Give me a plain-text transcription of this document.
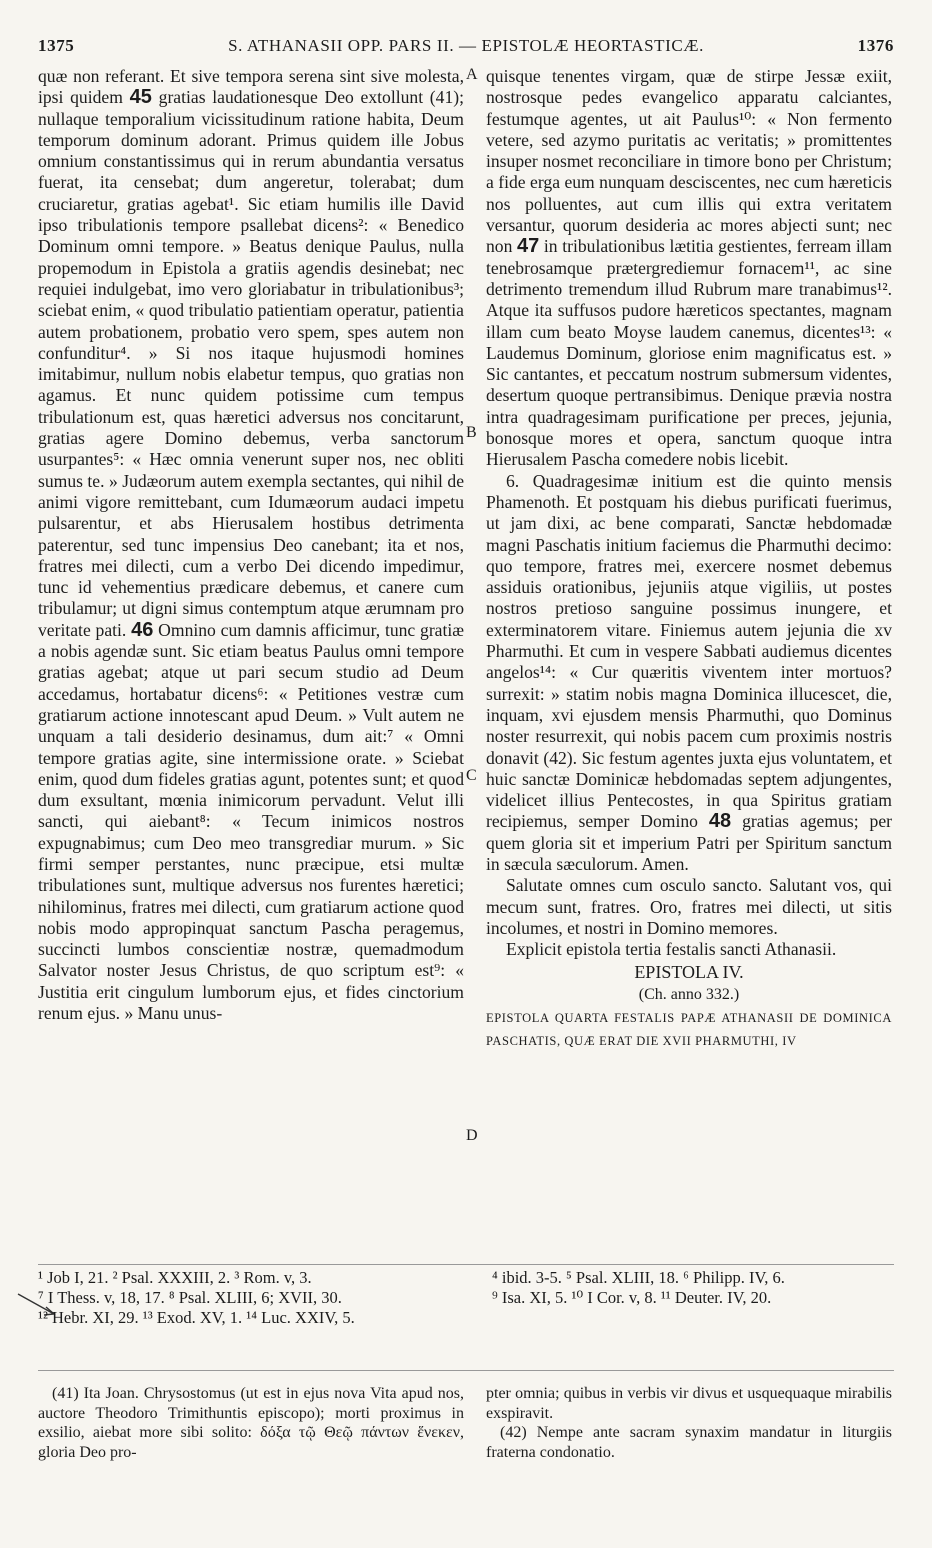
1375	S. ATHANASII OPP. PARS II. — EPISTOLÆ HEORTASTICÆ.	1376
A
B
C
D

quæ non referant. Et sive tempora serena sint sive molesta, ipsi quidem 45 gratias laudationesque Deo extollunt (41); nullaque temporalium vicissitudinum ratione habita, Deum temporum dominum adorant. Primus quidem ille Jobus omnium constantissimus qui in rerum abundantia versatus fuerat, ita censebat; dum angeretur, tolerabat; dum cruciaretur, gratias agebat¹. Sic etiam humilis ille David ipso tribulationis tempore psallebat dicens²: « Benedico Dominum omni tempore. » Beatus denique Paulus, nulla propemodum in Epistola a gratiis agendis desinebat; nec requiei indulgebat, imo vero gloriabatur in tribulationibus³; sciebat enim, « quod tribulatio patientiam operatur, patientia autem probationem, probatio vero spem, spes autem non confunditur⁴. » Si nos itaque hujusmodi homines imitabimur, nullum nobis elabetur tempus, quo gratias non agamus. Et nunc quidem potissime cum tempus tribulationum est, quas hæretici adversus nos concitarunt, gratias agere Domino debemus, verba sanctorum usurpantes⁵: « Hæc omnia venerunt super nos, nec obliti sumus te. » Judæorum autem exempla sectantes, qui nihil de animi vigore remittebant, cum Idumæorum audaci impetu pulsarentur, et abs Hierusalem hostibus detrimenta paterentur, sed tunc impensius Deo canebant; ita et nos, fratres mei dilecti, cum a verbo Dei dicendo impedimur, tunc id vehementius prædicare debemus, et canere cum tribulamur; ut digni simus contemptum atque ærumnam pro veritate pati. 46 Omnino cum damnis afficimur, tunc gratiæ a nobis agendæ sunt. Sic etiam beatus Paulus omni tempore gratias agebat; atque ut pari secum studio ad Deum accedamus, hortabatur dicens⁶: « Petitiones vestræ cum gratiarum actione innotescant apud Deum. » Vult autem ne unquam a tali desiderio desinamus, dum ait:⁷ « Omni tempore gratias agite, sine intermissione orate. » Sciebat enim, quod dum fideles gratias agunt, potentes sunt; et quod dum exsultant, mœnia inimicorum pervadunt. Velut illi sancti, qui aiebant⁸: « Tecum inimicos nostros expugnabimus; cum Deo meo transgrediar murum. » Sic firmi semper perstantes, nunc præcipue, etsi multæ tribulationes sunt, multique adversus nos furentes hæretici; nihilominus, fratres mei dilecti, cum gratiarum actione quod nobis modo appropinquat sanctum Pascha peragemus, succincti lumbos conscientiæ nostræ, quemadmodum Salvator noster Jesus Christus, de quo scriptum est⁹: « Justitia erit cingulum lumborum ejus, et fides cinctorium renum ejus. » Manu unus-

quisque tenentes virgam, quæ de stirpe Jessæ exiit, nostrosque pedes evangelico apparatu calciantes, festumque agentes, ut ait Paulus¹⁰: « Non fermento vetere, sed azymo puritatis ac veritatis; » promittentes insuper nosmet reconciliare in timore bono per Christum; a fide erga eum nunquam desciscentes, nec cum hæreticis nos polluentes, aut cum illis qui extra veritatem versantur, quorum desideria ac mores abjecti sunt; nec non 47 in tribulationibus lætitia gestientes, ferream illam tenebrosamque prætergrediemur fornacem¹¹, ac sine detrimento tremendum illud Rubrum mare tranabimus¹². Atque ita suffusos pudore hæreticos spectantes, magnam illam cum beato Moyse laudem canemus, dicentes¹³: « Laudemus Dominum, gloriose enim magnificatus est. » Sic cantantes, et peccatum nostrum submersum videntes, desertum quoque pertransibimus. Denique prævia nostra intra quadragesimam purificatione per preces, jejunia, bonosque mores et opera, sanctum quoque intra Hierusalem Pascha comedere nobis licebit.

6. Quadragesimæ initium est die quinto mensis Phamenoth. Et postquam his diebus purificati fuerimus, ut jam dixi, ac bene comparati, Sanctæ hebdomadæ magni Paschatis initium faciemus die Pharmuthi decimo: quo tempore, fratres mei, exercere nosmet debemus assiduis orationibus, jejuniis atque vigiliis, ut postes nostros pretioso sanguine possimus inungere, et exterminatorem vitare. Finiemus autem jejunia die xv Pharmuthi. Et cum in vespere Sabbati audiemus dicentes angelos¹⁴: « Cur quæritis viventem inter mortuos? surrexit: » statim nobis magna Dominica illucescet, die, inquam, xvi ejusdem mensis Pharmuthi, quo Dominus noster resurrexit, qui nobis pacem cum proximis nostris donavit (42). Sic festum agentes juxta ejus voluntatem, et huic sanctæ Dominicæ hebdomadas septem adjungentes, videlicet illius Pentecostes, in qua Spiritus gratiam recipiemus, semper Domino 48 gratias agemus; per quem gloria sit et imperium Patri per Spiritum sanctum in sæcula sæculorum. Amen.

Salutate omnes cum osculo sancto. Salutant vos, qui mecum sunt, fratres. Oro, fratres mei dilecti, ut sitis incolumes, et nostri in Domino memores.

Explicit epistola tertia festalis sancti Athanasii.

EPISTOLA IV.
(Ch. anno 332.)
EPISTOLA QUARTA FESTALIS PAPÆ ATHANASII DE DOMINICA PASCHATIS, QUÆ ERAT DIE XVII PHARMUTHI, IV

¹ Job I, 21. ² Psal. XXXIII, 2. ³ Rom. v, 3.

⁷ I Thess. v, 18, 17. ⁸ Psal. XLIII, 6; XVII, 30.

¹² Hebr. XI, 29. ¹³ Exod. XV, 1. ¹⁴ Luc. XXIV, 5.

⁴ ibid. 3-5. ⁵ Psal. XLIII, 18. ⁶ Philipp. IV, 6.

⁹ Isa. XI, 5. ¹⁰ I Cor. v, 8. ¹¹ Deuter. IV, 20.

(41) Ita Joan. Chrysostomus (ut est in ejus nova Vita apud nos, auctore Theodoro Trimithuntis episcopo); morti proximus in exsilio, aiebat more sibi solito: δόξα τῷ Θεῷ πάντων ἕνεκεν, gloria Deo pro-

pter omnia; quibus in verbis vir divus et usquequaque mirabilis exspiravit.

(42) Nempe ante sacram synaxim mandatur in liturgiis fraterna condonatio.
